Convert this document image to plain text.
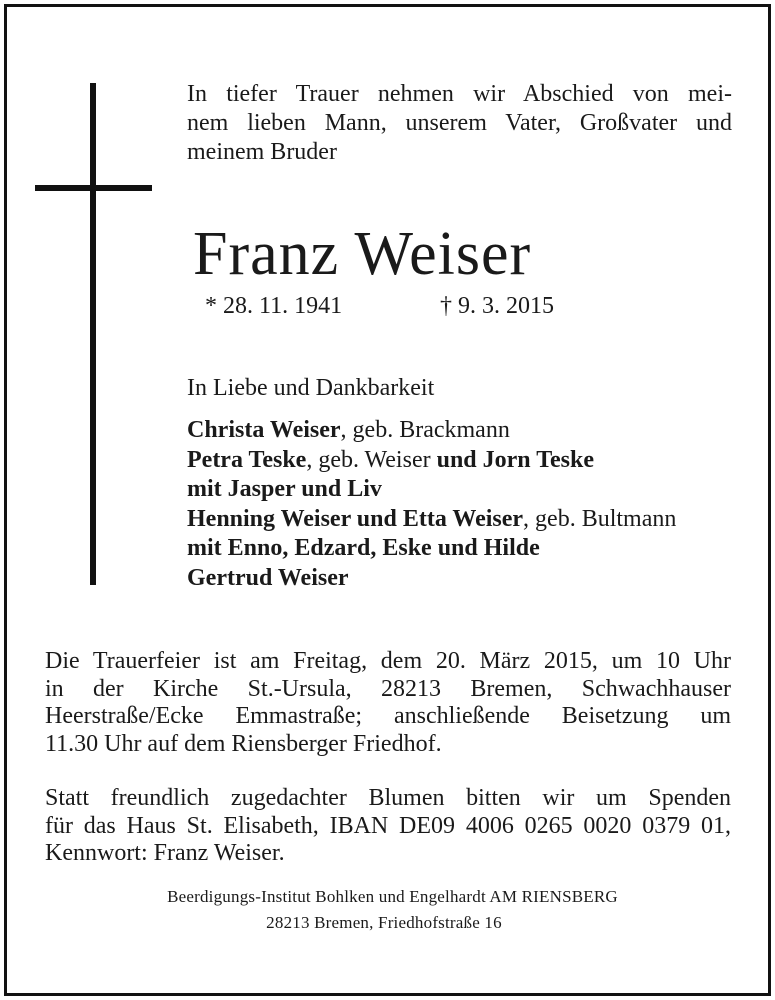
In tiefer Trauer nehmen wir Abschied von mei-
nem lieben Mann, unserem Vater, Großvater und
meinem Bruder
Franz Weiser
* 28. 11. 1941	† 9. 3. 2015
In Liebe und Dankbarkeit
Christa Weiser, geb. Brackmann
Petra Teske, geb. Weiser und Jorn Teske
mit Jasper und Liv
Henning Weiser und Etta Weiser, geb. Bultmann
mit Enno, Edzard, Eske und Hilde
Gertrud Weiser
Die Trauerfeier ist am Freitag, dem 20. März 2015, um 10 Uhr
in der Kirche St.-Ursula, 28213 Bremen, Schwachhauser
Heerstraße/Ecke Emmastraße; anschließende Beisetzung um
11.30 Uhr auf dem Riensberger Friedhof.
Statt freundlich zugedachter Blumen bitten wir um Spenden
für das Haus St. Elisabeth, IBAN DE09 4006 0265 0020 0379 01,
Kennwort: Franz Weiser.
Beerdigungs-Institut Bohlken und Engelhardt AM RIENSBERG
28213 Bremen, Friedhofstraße 16
